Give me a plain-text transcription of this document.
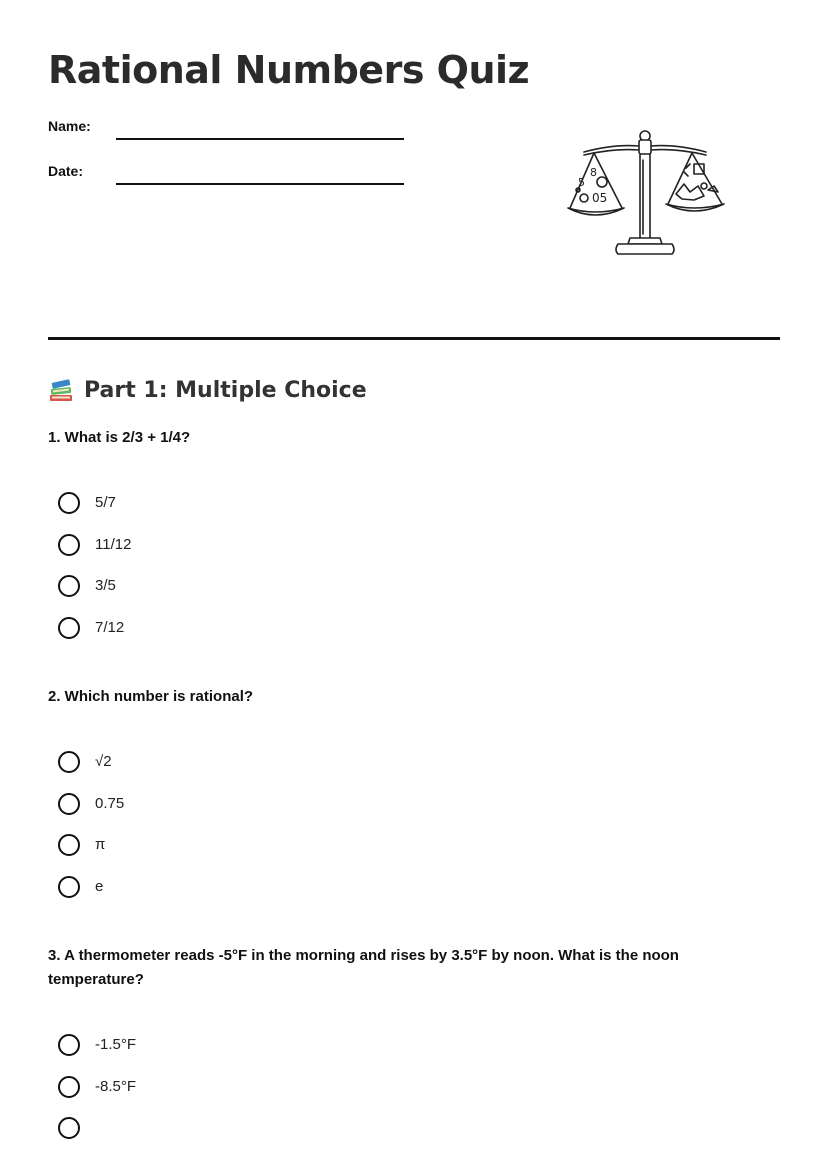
Rational Numbers Quiz
Name:
Date:	8
5
05
Part 1: Multiple Choice

1. What is 2/3 + 1/4?

5/7
11/12
3/5
7/12

2. Which number is rational?

√2
0.75
π
e

3. A thermometer reads -5°F in the morning and rises by 3.5°F by noon. What is the noon temperature?

-1.5°F
-8.5°F
